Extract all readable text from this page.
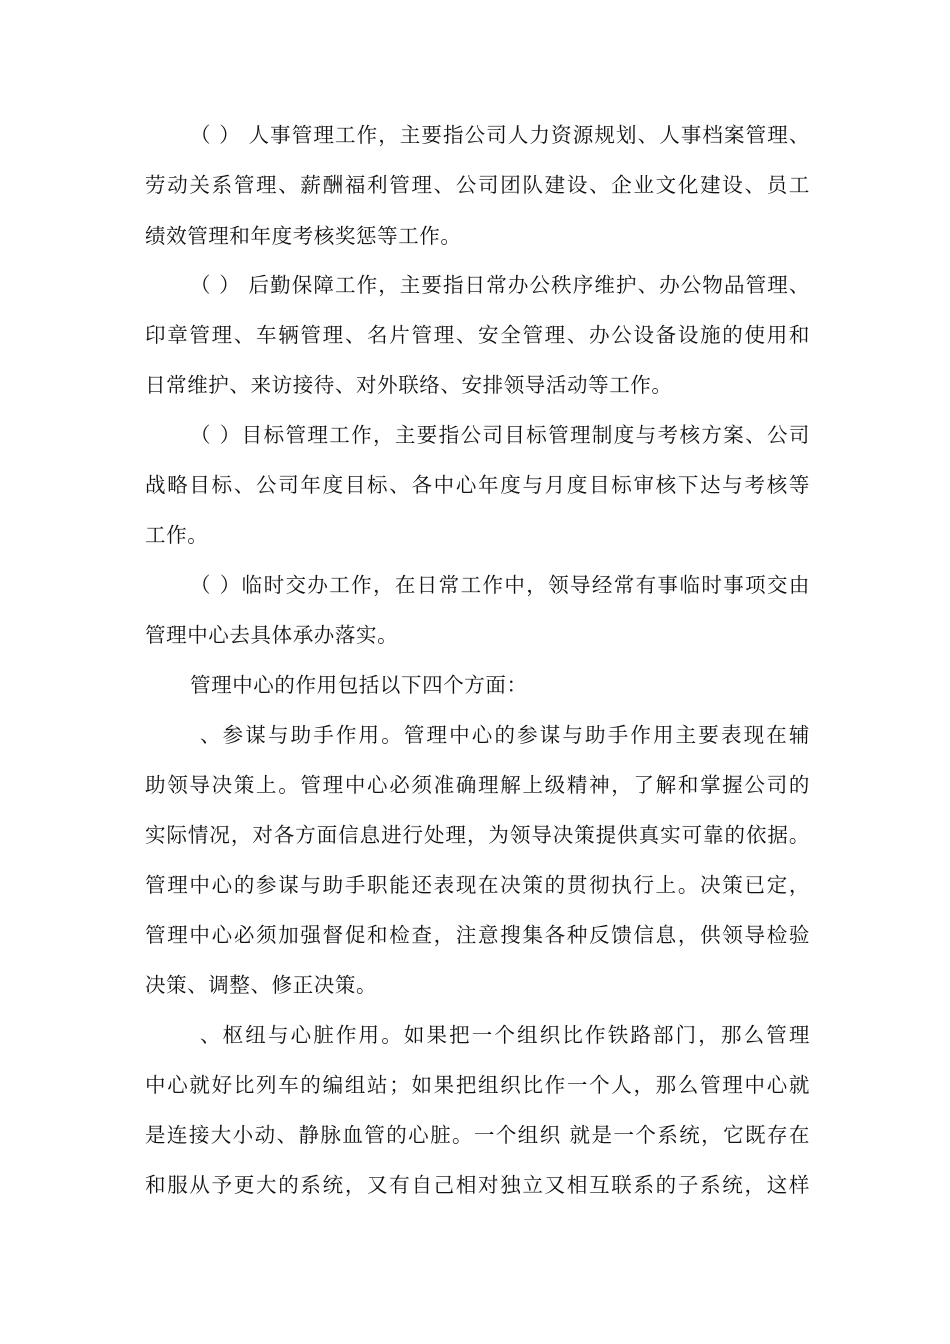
（ ） 人事管理工作，主要指公司人力资源规划、人事档案管理、
劳动关系管理、薪酬福利管理、公司团队建设、企业文化建设、员工
绩效管理和年度考核奖惩等工作。
（ ） 后勤保障工作，主要指日常办公秩序维护、办公物品管理、
印章管理、车辆管理、名片管理、安全管理、办公设备设施的使用和
日常维护、来访接待、对外联络、安排领导活动等工作。
（ ）目标管理工作，主要指公司目标管理制度与考核方案、公司
战略目标、公司年度目标、各中心年度与月度目标审核下达与考核等
工作。
（ ）临时交办工作，在日常工作中，领导经常有事临时事项交由
管理中心去具体承办落实。
管理中心的作用包括以下四个方面：
、参谋与助手作用。管理中心的参谋与助手作用主要表现在辅
助领导决策上。管理中心必须准确理解上级精神，了解和掌握公司的
实际情况，对各方面信息进行处理，为领导决策提供真实可靠的依据。
管理中心的参谋与助手职能还表现在决策的贯彻执行上。决策已定，
管理中心必须加强督促和检查，注意搜集各种反馈信息，供领导检验
决策、调整、修正决策。
、枢纽与心脏作用。如果把一个组织比作铁路部门，那么管理
中心就好比列车的编组站；如果把组织比作一个人，那么管理中心就
是连接大小动、静脉血管的心脏。一个组织 就是一个系统，它既存在
和服从予更大的系统，又有自己相对独立又相互联系的子系统，这样
